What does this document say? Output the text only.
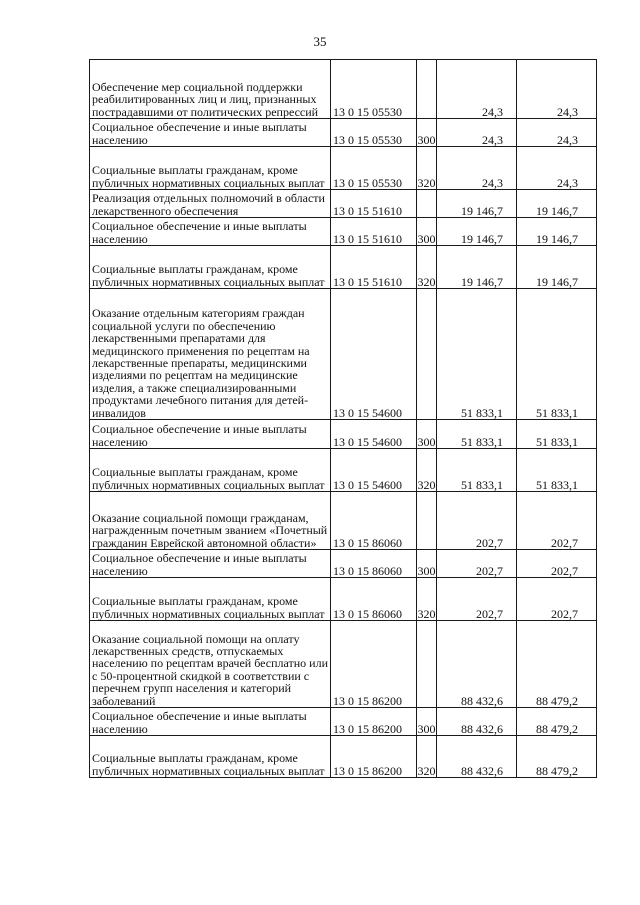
35
Обеспечение мер социальной поддержки реабилитированных лиц и лиц, признанных пострадавшими от политических репрессий	13 0 15 05530		24,3	24,3
Социальное обеспечение и иные выплаты населению	13 0 15 05530	300	24,3	24,3
Социальные выплаты гражданам, кроме публичных нормативных социальных выплат	13 0 15 05530	320	24,3	24,3
Реализация отдельных полномочий в области лекарственного обеспечения	13 0 15 51610		19 146,7	19 146,7
Социальное обеспечение и иные выплаты населению	13 0 15 51610	300	19 146,7	19 146,7
Социальные выплаты гражданам, кроме публичных нормативных социальных выплат	13 0 15 51610	320	19 146,7	19 146,7
Оказание отдельным категориям граждан социальной услуги по обеспечению лекарственными препаратами для медицинского применения по рецептам на лекарственные препараты, медицинскими изделиями по рецептам на медицинские изделия, а также специализированными продуктами лечебного питания для детей-инвалидов	13 0 15 54600		51 833,1	51 833,1
Социальное обеспечение и иные выплаты населению	13 0 15 54600	300	51 833,1	51 833,1
Социальные выплаты гражданам, кроме публичных нормативных социальных выплат	13 0 15 54600	320	51 833,1	51 833,1
Оказание социальной помощи гражданам, награжденным почетным званием «Почетный гражданин Еврейской автономной области»	13 0 15 86060		202,7	202,7
Социальное обеспечение и иные выплаты населению	13 0 15 86060	300	202,7	202,7
Социальные выплаты гражданам, кроме публичных нормативных социальных выплат	13 0 15 86060	320	202,7	202,7
Оказание социальной помощи на оплату лекарственных средств, отпускаемых населению по рецептам врачей бесплатно или с 50-процентной скидкой в соответствии с перечнем групп населения и категорий заболеваний	13 0 15 86200		88 432,6	88 479,2
Социальное обеспечение и иные выплаты населению	13 0 15 86200	300	88 432,6	88 479,2
Социальные выплаты гражданам, кроме публичных нормативных социальных выплат	13 0 15 86200	320	88 432,6	88 479,2
